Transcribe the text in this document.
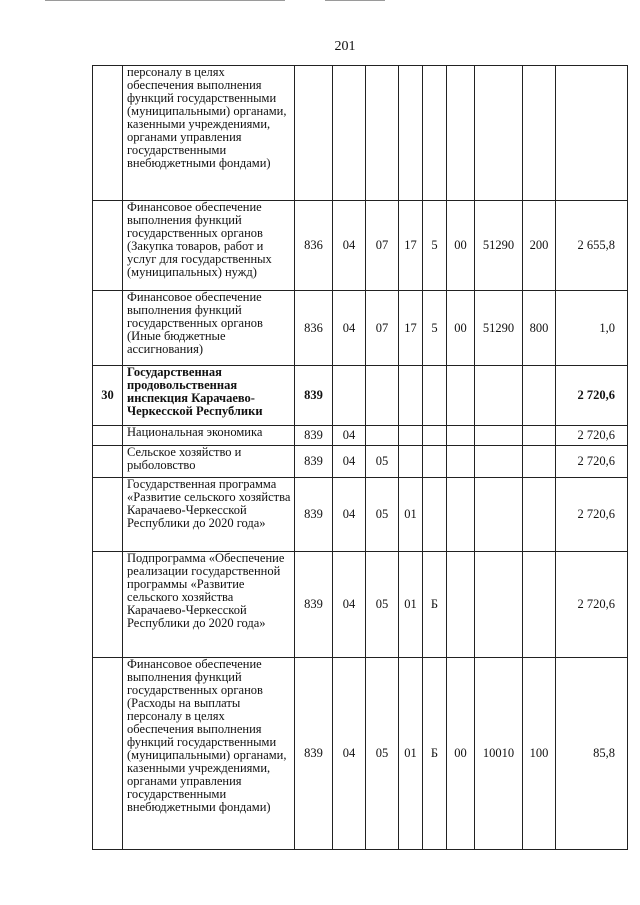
201
	персоналу в целях обеспечения выполнения функций государственными (муниципальными) органами, казенными учреждениями, органами управления государственными внебюджетными фондами)									
	Финансовое обеспечение выполнения функций государственных органов (Закупка товаров, работ и услуг для государственных (муниципальных) нужд)	836	04	07	17	5	00	51290	200	2 655,8
	Финансовое обеспечение выполнения функций государственных органов (Иные бюджетные ассигнования)	836	04	07	17	5	00	51290	800	1,0
30	Государственная продовольственная инспекция Карачаево-Черкесской Республики	839								2 720,6
	Национальная экономика	839	04							2 720,6
	Сельское хозяйство и рыболовство	839	04	05						2 720,6
	Государственная программа «Развитие сельского хозяйства Карачаево-Черкесской Республики до 2020 года»	839	04	05	01					2 720,6
	Подпрограмма «Обеспечение реализации государственной программы «Развитие сельского хозяйства Карачаево-Черкесской Республики до 2020 года»	839	04	05	01	Б				2 720,6
	Финансовое обеспечение выполнения функций государственных органов (Расходы на выплаты персоналу в целях обеспечения выполнения функций государственными (муниципальными) органами, казенными учреждениями, органами управления государственными внебюджетными фондами)	839	04	05	01	Б	00	10010	100	85,8
